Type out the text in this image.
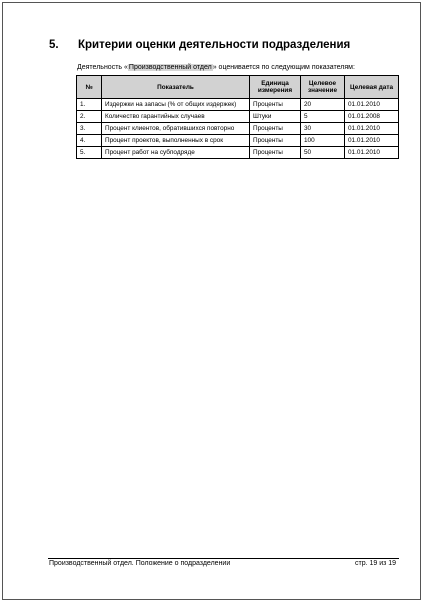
5.	Критерии оценки деятельности подразделения
Деятельность «Производственный отдел» оценивается по следующим показателям:
№	Показатель	Единица измерения	Целевое значение	Целевая дата
1.	Издержки на запасы (% от общих издержек)	Проценты	20	01.01.2010
2.	Количество гарантийных случаев	Штуки	5	01.01.2008
3.	Процент клиентов, обратившихся повторно	Проценты	30	01.01.2010
4.	Процент проектов, выполненных в срок	Проценты	100	01.01.2010
5.	Процент работ на субподряде	Проценты	50	01.01.2010
Производственный отдел. Положение о подразделении	стр. 19 из 19
